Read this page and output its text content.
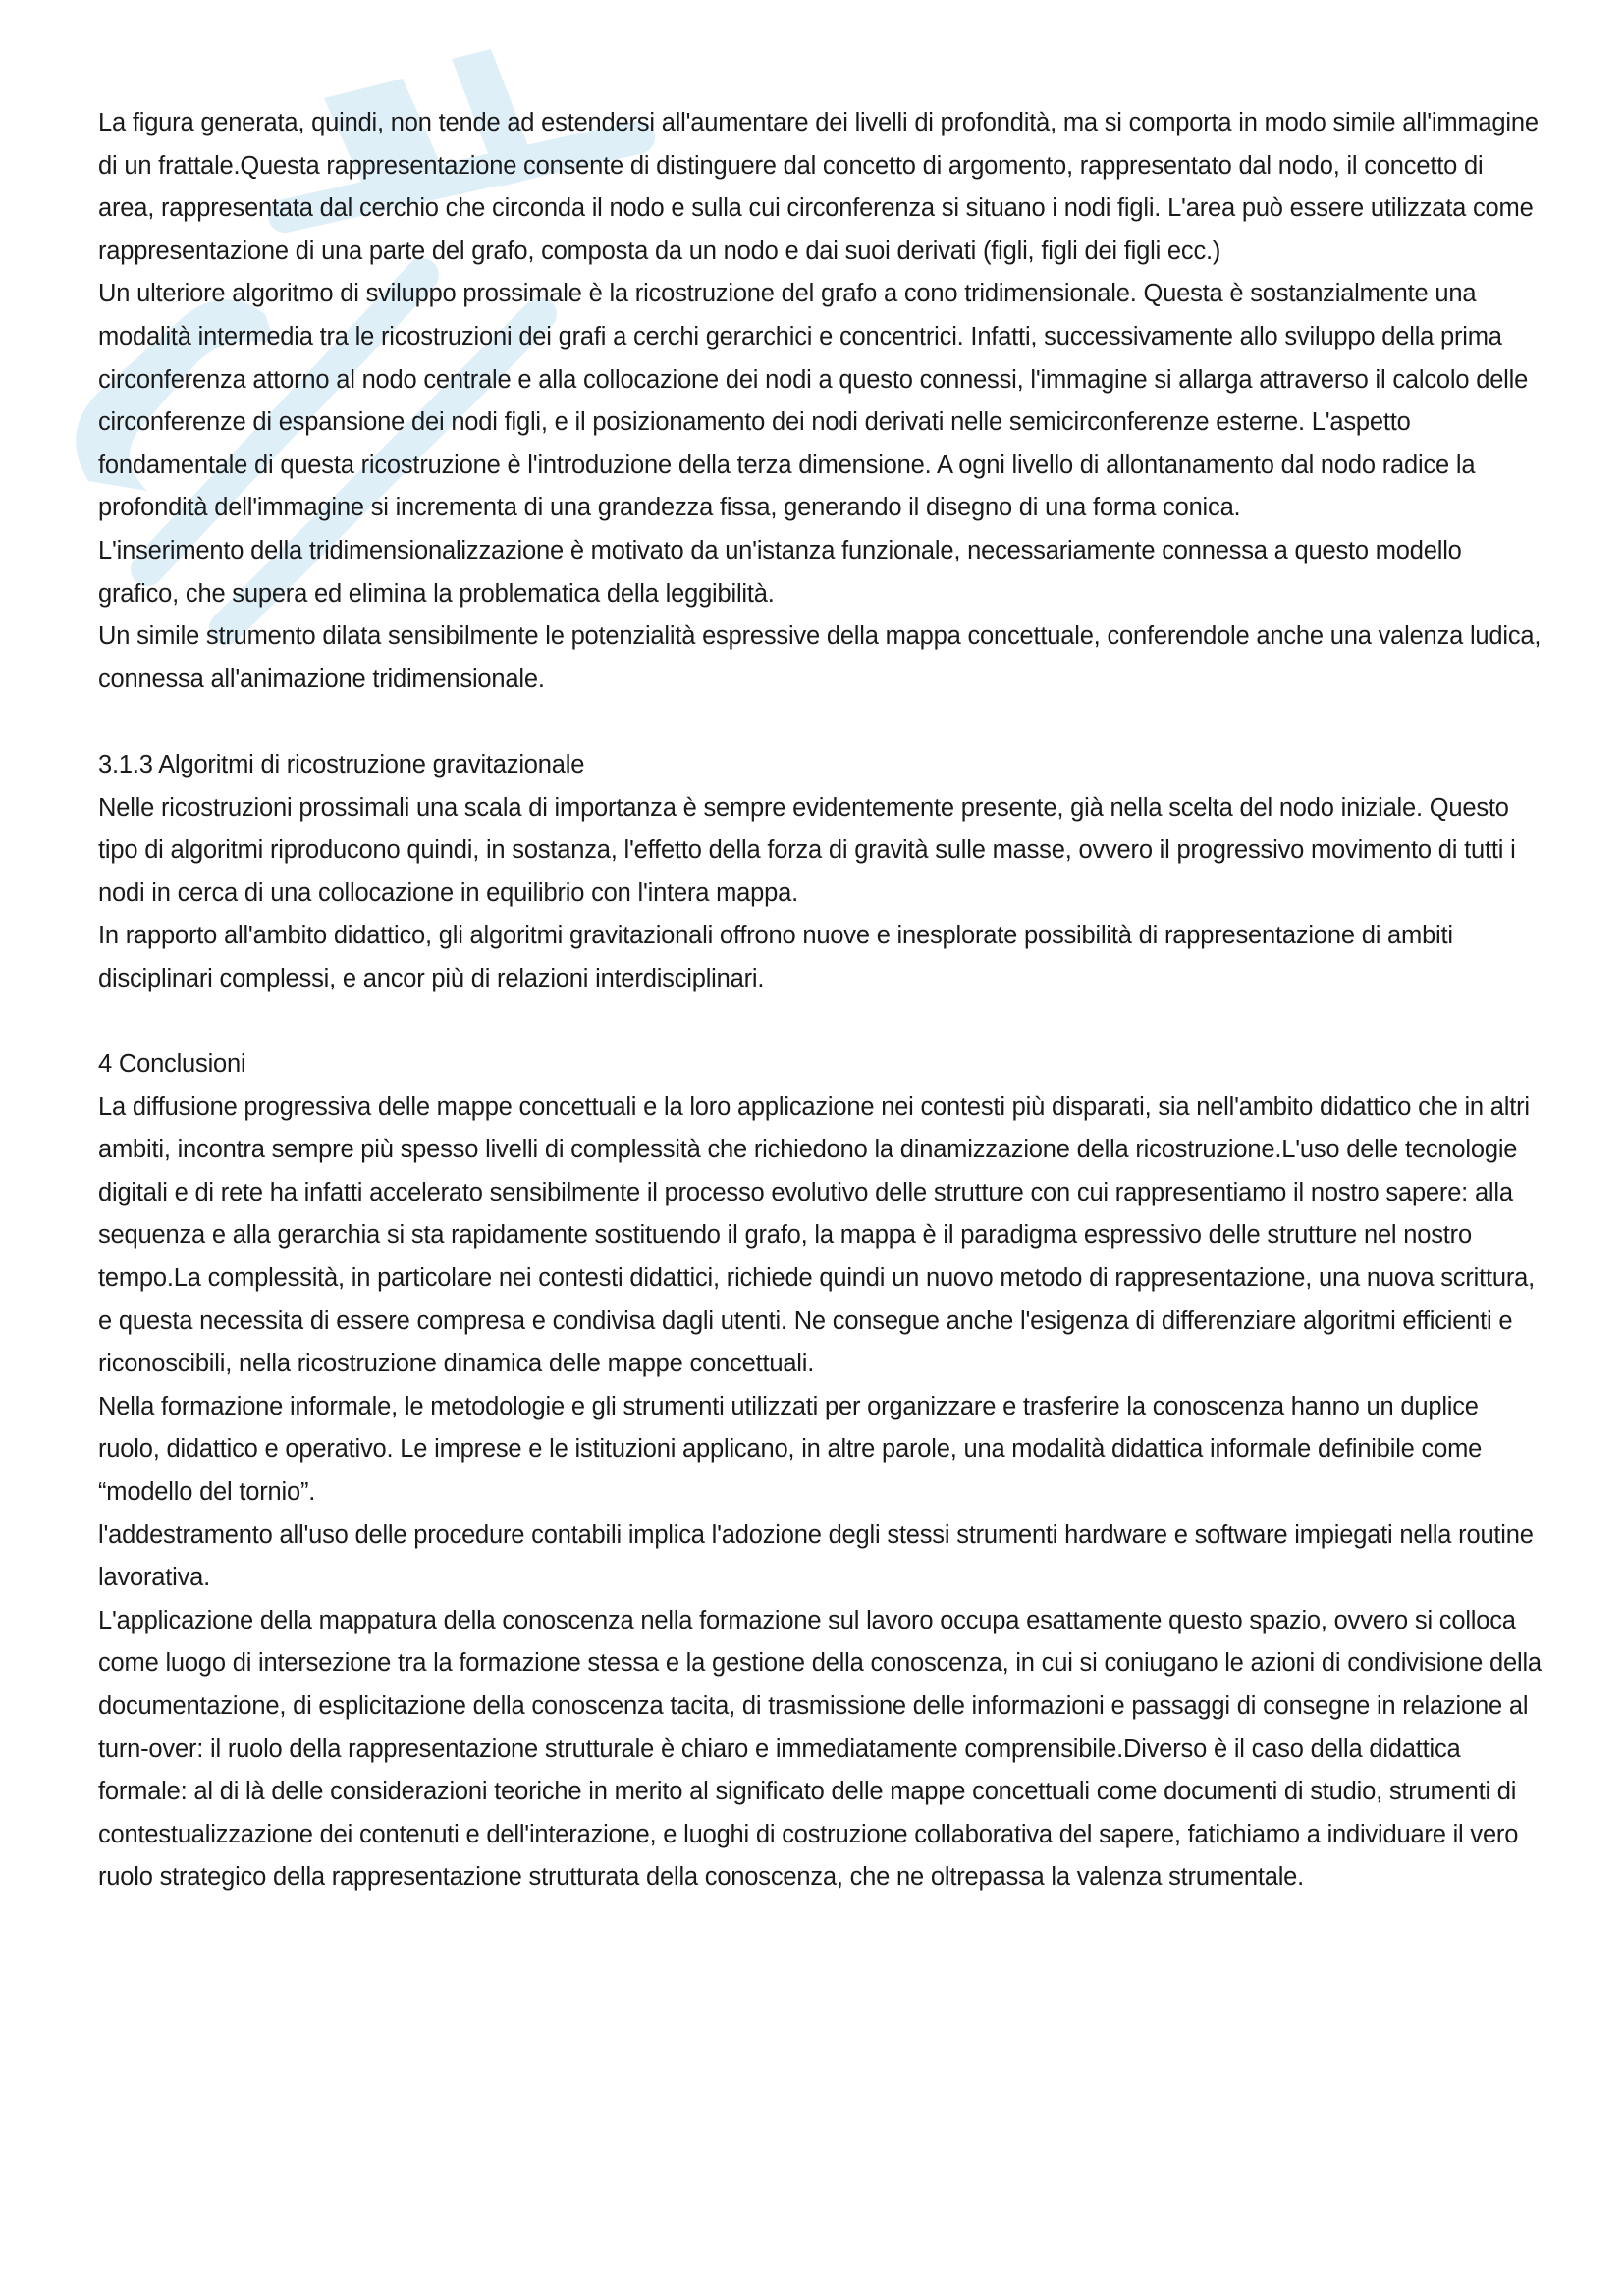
La figura generata, quindi, non tende ad estendersi all'aumentare dei livelli di profondità, ma si comporta in modo simile all'immagine di un frattale.Questa rappresentazione consente di distinguere dal concetto di argomento, rappresentato dal nodo, il concetto di area, rappresentata dal cerchio che circonda il nodo e sulla cui circonferenza si situano i nodi figli. L'area può essere utilizzata come rappresentazione di una parte del grafo, composta da un nodo e dai suoi derivati (figli, figli dei figli ecc.)

Un ulteriore algoritmo di sviluppo prossimale è la ricostruzione del grafo a cono tridimensionale. Questa è sostanzialmente una modalità intermedia tra le ricostruzioni dei grafi a cerchi gerarchici e concentrici. Infatti, successivamente allo sviluppo della prima circonferenza attorno al nodo centrale e alla collocazione dei nodi a questo connessi, l'immagine si allarga attraverso il calcolo delle circonferenze di espansione dei nodi figli, e il posizionamento dei nodi derivati nelle semicirconferenze esterne. L'aspetto fondamentale di questa ricostruzione è l'introduzione della terza dimensione. A ogni livello di allontanamento dal nodo radice la profondità dell'immagine si incrementa di una grandezza fissa, generando il disegno di una forma conica.

L'inserimento della tridimensionalizzazione è motivato da un'istanza funzionale, necessariamente connessa a questo modello grafico, che supera ed elimina la problematica della leggibilità.

Un simile strumento dilata sensibilmente le potenzialità espressive della mappa concettuale, conferendole anche una valenza ludica, connessa all'animazione tridimensionale.

3.1.3 Algoritmi di ricostruzione gravitazionale

Nelle ricostruzioni prossimali una scala di importanza è sempre evidentemente presente, già nella scelta del nodo iniziale. Questo tipo di algoritmi riproducono quindi, in sostanza, l'effetto della forza di gravità sulle masse, ovvero il progressivo movimento di tutti i nodi in cerca di una collocazione in equilibrio con l'intera mappa.

In rapporto all'ambito didattico, gli algoritmi gravitazionali offrono nuove e inesplorate possibilità di rappresentazione di ambiti disciplinari complessi, e ancor più di relazioni interdisciplinari.

4 Conclusioni

La diffusione progressiva delle mappe concettuali e la loro applicazione nei contesti più disparati, sia nell'ambito didattico che in altri ambiti, incontra sempre più spesso livelli di complessità che richiedono la dinamizzazione della ricostruzione.L'uso delle tecnologie digitali e di rete ha infatti accelerato sensibilmente il processo evolutivo delle strutture con cui rappresentiamo il nostro sapere: alla sequenza e alla gerarchia si sta rapidamente sostituendo il grafo, la mappa è il paradigma espressivo delle strutture nel nostro tempo.La complessità, in particolare nei contesti didattici, richiede quindi un nuovo metodo di rappresentazione, una nuova scrittura, e questa necessita di essere compresa e condivisa dagli utenti. Ne consegue anche l'esigenza di differenziare algoritmi efficienti e riconoscibili, nella ricostruzione dinamica delle mappe concettuali.

Nella formazione informale, le metodologie e gli strumenti utilizzati per organizzare e trasferire la conoscenza hanno un duplice ruolo, didattico e operativo. Le imprese e le istituzioni applicano, in altre parole, una modalità didattica informale definibile come “modello del tornio”.

l'addestramento all'uso delle procedure contabili implica l'adozione degli stessi strumenti hardware e software impiegati nella routine lavorativa.

L'applicazione della mappatura della conoscenza nella formazione sul lavoro occupa esattamente questo spazio, ovvero si colloca come luogo di intersezione tra la formazione stessa e la gestione della conoscenza, in cui si coniugano le azioni di condivisione della documentazione, di esplicitazione della conoscenza tacita, di trasmissione delle informazioni e passaggi di consegne in relazione al turn-over: il ruolo della rappresentazione strutturale è chiaro e immediatamente comprensibile.Diverso è il caso della didattica formale: al di là delle considerazioni teoriche in merito al significato delle mappe concettuali come documenti di studio, strumenti di contestualizzazione dei contenuti e dell'interazione, e luoghi di costruzione collaborativa del sapere, fatichiamo a individuare il vero ruolo strategico della rappresentazione strutturata della conoscenza, che ne oltrepassa la valenza strumentale.
